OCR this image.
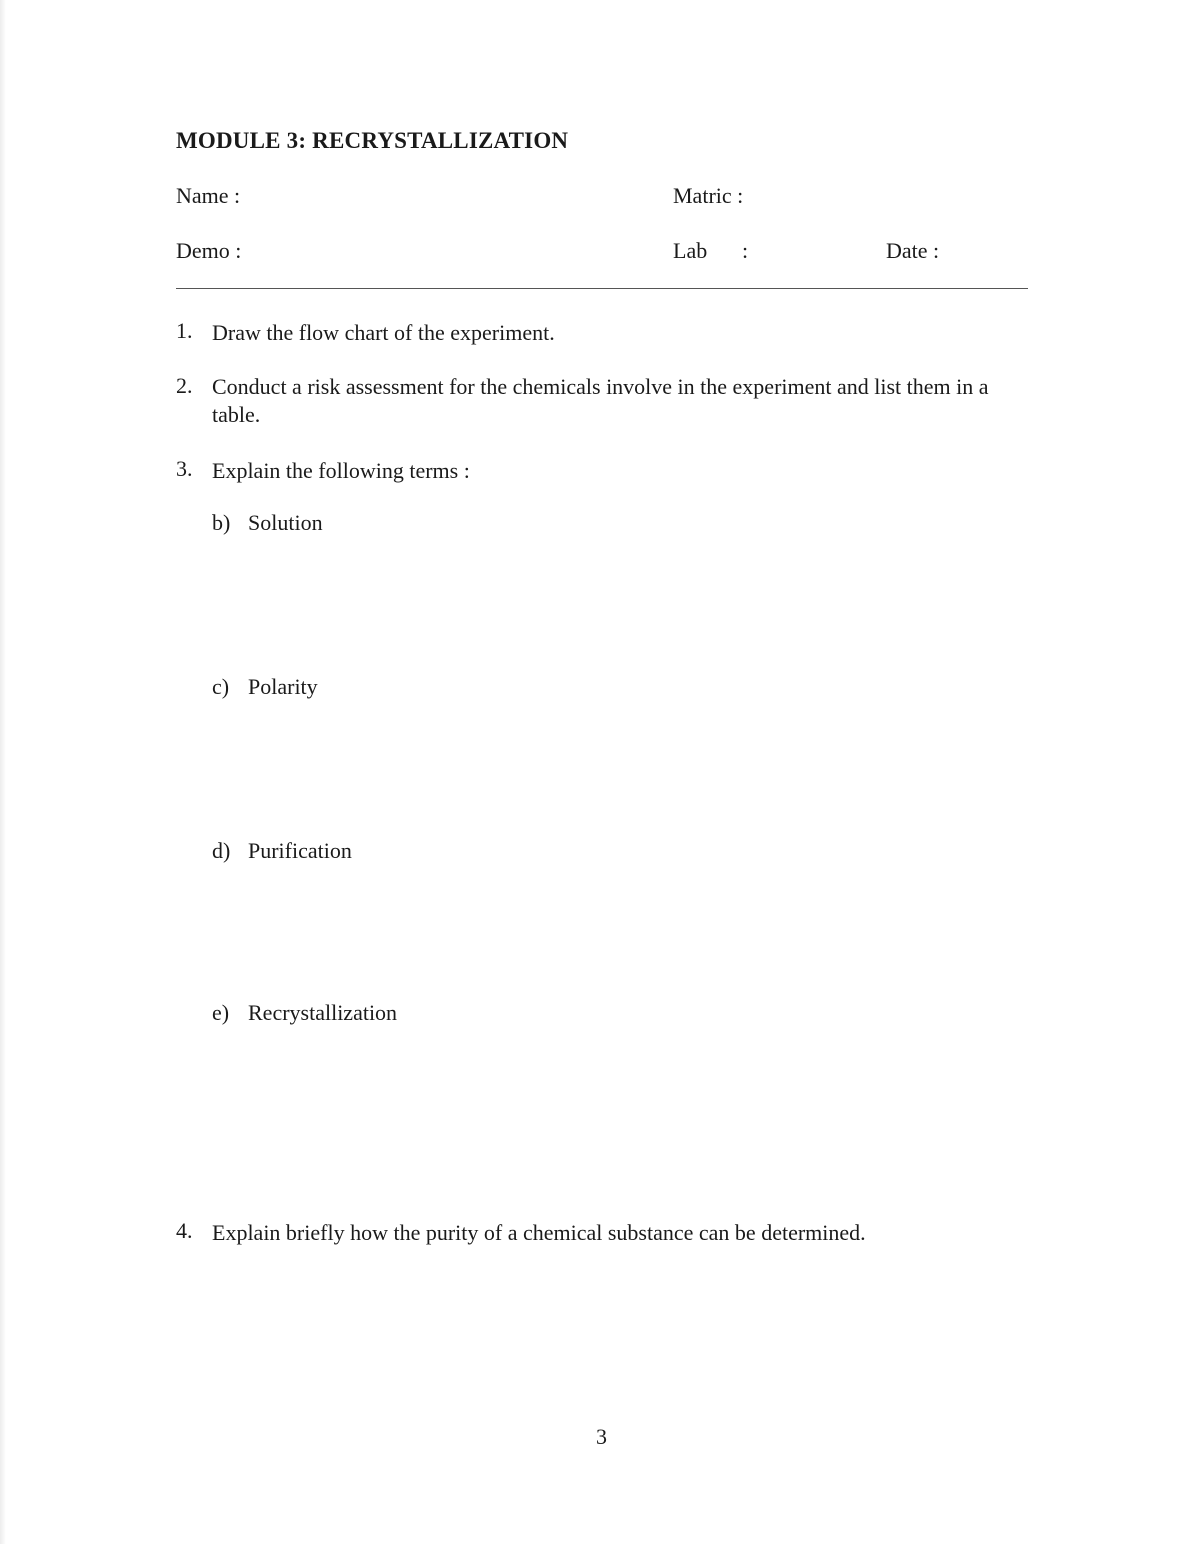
MODULE 3: RECRYSTALLIZATION
Name :	Matric :
Demo :	Lab :	Date :
1. Draw the flow chart of the experiment.
2. Conduct a risk assessment for the chemicals involve in the experiment and list them in a table.
3. Explain the following terms :
b) Solution
c) Polarity
d) Purification
e) Recrystallization
4. Explain briefly how the purity of a chemical substance can be determined.
3
